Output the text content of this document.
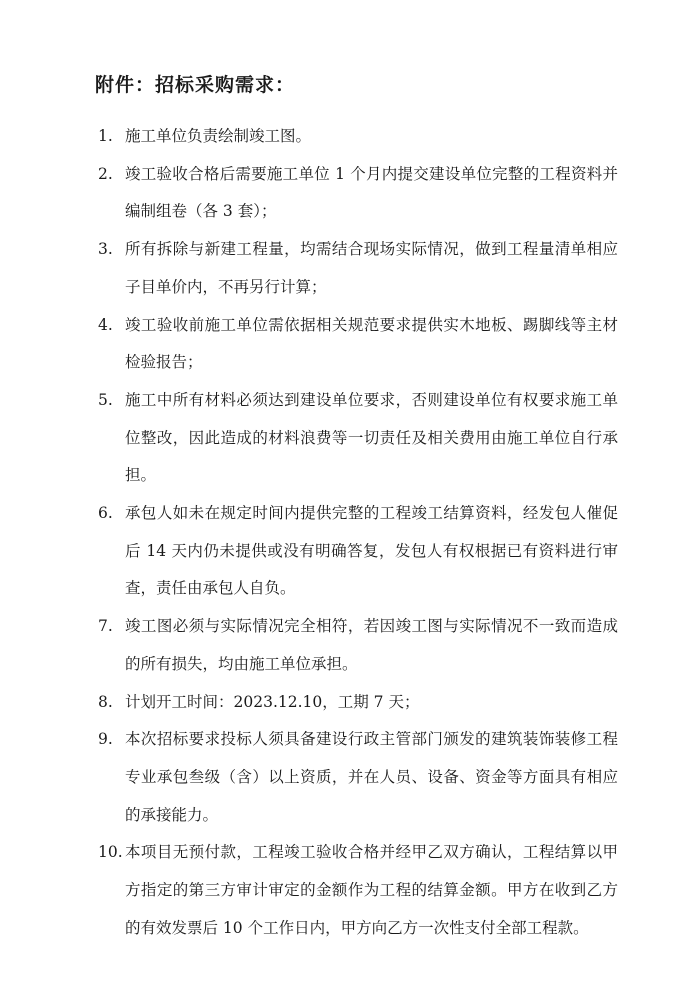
附件：招标采购需求：
1. 施工单位负责绘制竣工图。
2. 竣工验收合格后需要施工单位 1 个月内提交建设单位完整的工程资料并编制组卷（各 3 套）；
3. 所有拆除与新建工程量，均需结合现场实际情况，做到工程量清单相应子目单价内，不再另行计算；
4. 竣工验收前施工单位需依据相关规范要求提供实木地板、踢脚线等主材检验报告；
5. 施工中所有材料必须达到建设单位要求，否则建设单位有权要求施工单位整改，因此造成的材料浪费等一切责任及相关费用由施工单位自行承担。
6. 承包人如未在规定时间内提供完整的工程竣工结算资料，经发包人催促后 14 天内仍未提供或没有明确答复，发包人有权根据已有资料进行审查，责任由承包人自负。
7. 竣工图必须与实际情况完全相符，若因竣工图与实际情况不一致而造成的所有损失，均由施工单位承担。
8. 计划开工时间：2023.12.10，工期 7 天；
9. 本次招标要求投标人须具备建设行政主管部门颁发的建筑装饰装修工程专业承包叁级（含）以上资质，并在人员、设备、资金等方面具有相应的承接能力。
10. 本项目无预付款，工程竣工验收合格并经甲乙双方确认，工程结算以甲方指定的第三方审计审定的金额作为工程的结算金额。甲方在收到乙方的有效发票后 10 个工作日内，甲方向乙方一次性支付全部工程款。
